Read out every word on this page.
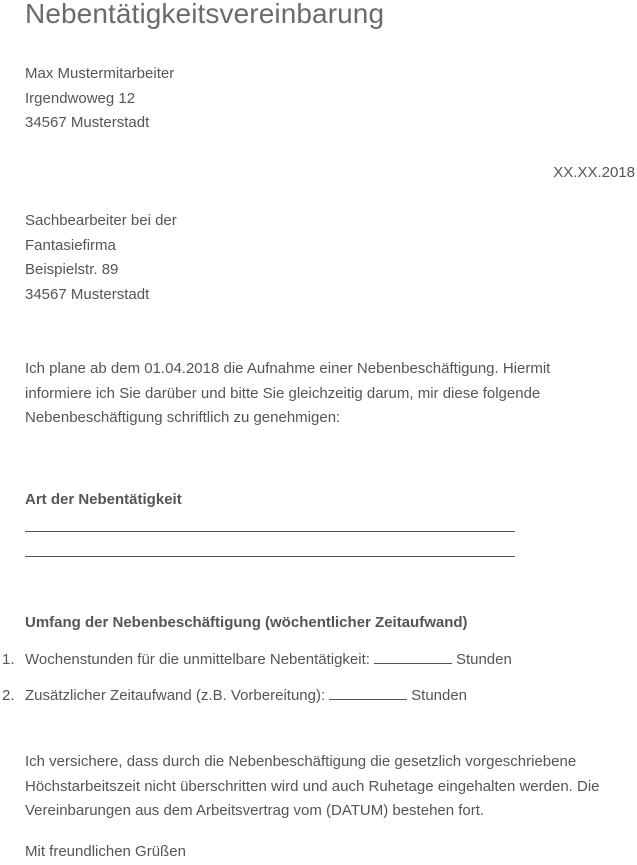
Nebentätigkeitsvereinbarung
Max Mustermitarbeiter
Irgendwoweg 12
34567 Musterstadt
XX.XX.2018
Sachbearbeiter bei der
Fantasiefirma
Beispielstr. 89
34567 Musterstadt
Ich plane ab dem 01.04.2018 die Aufnahme einer Nebenbeschäftigung. Hiermit
informiere ich Sie darüber und bitte Sie gleichzeitig darum, mir diese folgende
Nebenbeschäftigung schriftlich zu genehmigen:
Art der Nebentätigkeit
Umfang der Nebenbeschäftigung (wöchentlicher Zeitaufwand)
1. Wochenstunden für die unmittelbare Nebentätigkeit:	Stunden
2. Zusätzlicher Zeitaufwand (z.B. Vorbereitung):	Stunden
Ich versichere, dass durch die Nebenbeschäftigung die gesetzlich vorgeschriebene
Höchstarbeitszeit nicht überschritten wird und auch Ruhetage eingehalten werden. Die
Vereinbarungen aus dem Arbeitsvertrag vom (DATUM) bestehen fort.
Mit freundlichen Grüßen
